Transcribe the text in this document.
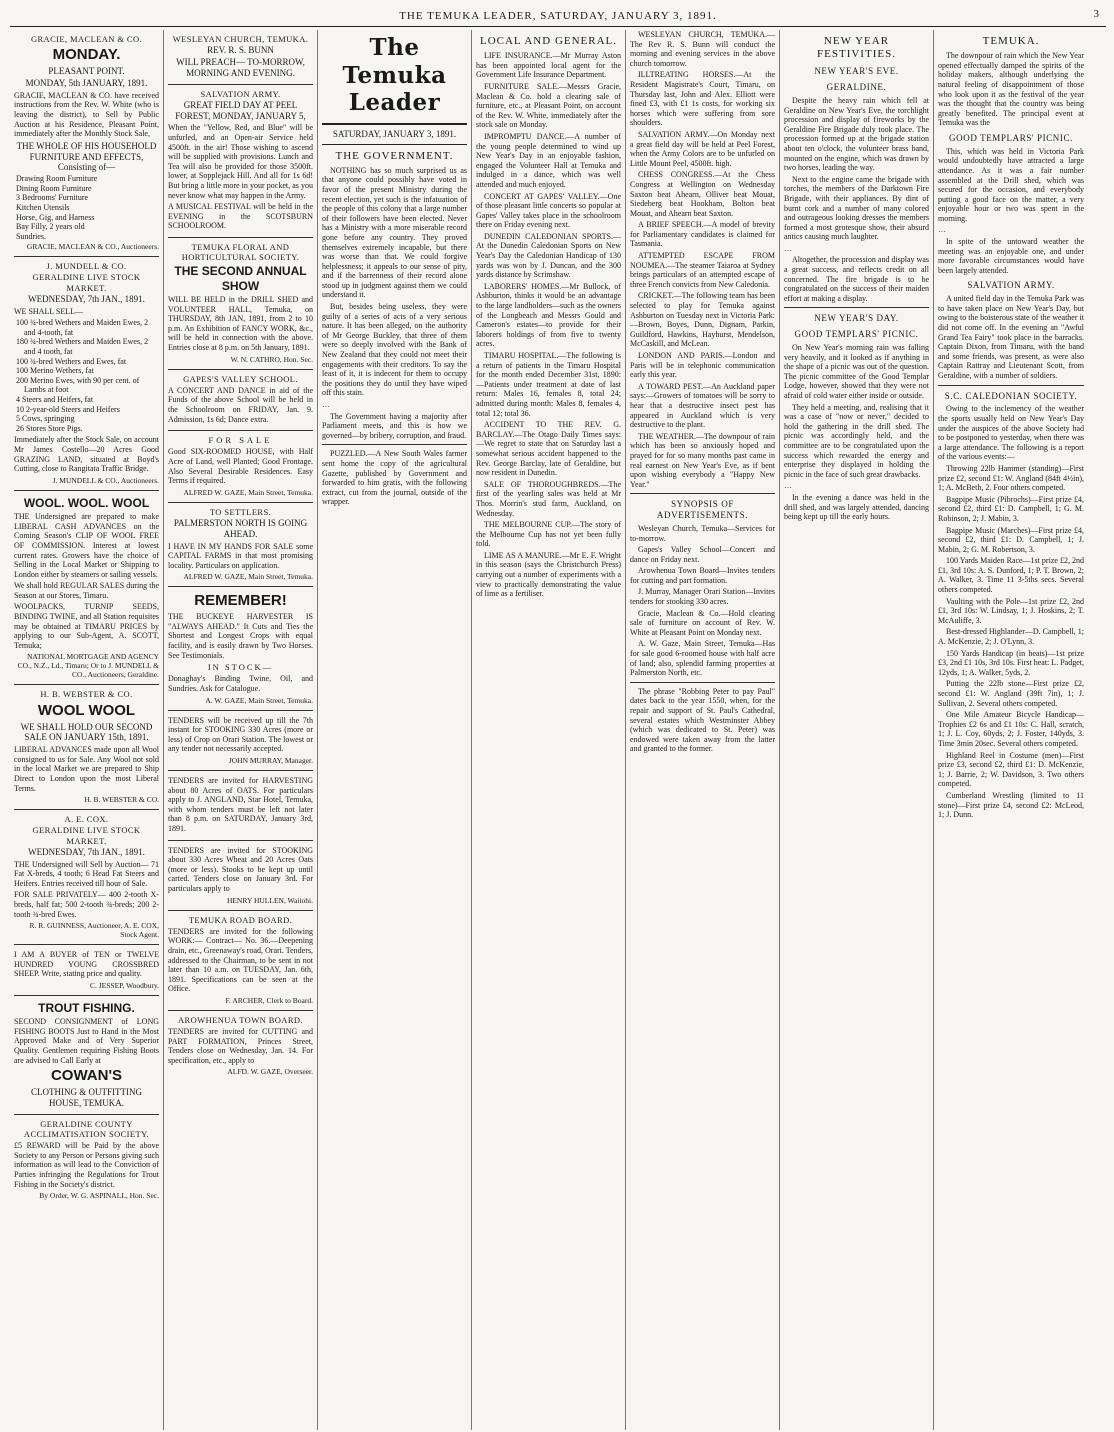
THE TEMUKA LEADER, SATURDAY, JANUARY 3, 1891.	3
GRACIE, MACLEAN & CO.
MONDAY.
PLEASANT POINT.
MONDAY, 5th JANUARY, 1891.
GRACIE, MACLEAN & CO. have received instructions from the Rev. W. White (who is leaving the district), to Sell by Public Auction at his Residence, Pleasant Point, immediately after the Monthly Stock Sale,
THE WHOLE OF HIS HOUSEHOLD FURNITURE AND EFFECTS, Consisting of—

Drawing Room Furniture

Dining Room Furniture

3 Bedrooms' Furniture

Kitchen Utensils

Horse, Gig, and Harness

Bay Filly, 2 years old

Sundries.

GRACIE, MACLEAN & CO., Auctioneers.
J. MUNDELL & CO.
GERALDINE LIVE STOCK MARKET.
WEDNESDAY, 7th JAN., 1891.
WE SHALL SELL—

100 ¾-bred Wethers and Maiden Ewes, 2 and 4-tooth, fat

180 ¾-bred Wethers and Maiden Ewes, 2 and 4 tooth, fat

100 ¾-bred Wethers and Ewes, fat

100 Merino Wethers, fat

200 Merino Ewes, with 90 per cent. of Lambs at foot

4 Steers and Heifers, fat

10 2-year-old Steers and Heifers

5 Cows, springing

26 Stores Store Pigs.

Immediately after the Stock Sale, on account Mr James Costello—20 Acres Good GRAZING LAND, situated at Boyd's Cutting, close to Rangitata Traffic Bridge.
J. MUNDELL & CO., Auctioneers.
WOOL. WOOL. WOOL
THE Undersigned are prepared to make LIBERAL CASH ADVANCES on the Coming Season's CLIP OF WOOL FREE OF COMMISSION. Interest at lowest current rates. Growers have the choice of Selling in the Local Market or Shipping to London either by steamers or sailing vessels.
We shall hold REGULAR SALES during the Season at our Stores, Timaru.
WOOLPACKS, TURNIP SEEDS, BINDING TWINE, and all Station requisites may be obtained at TIMARU PRICES by applying to our Sub-Agent, A. SCOTT, Temuka;
NATIONAL MORTGAGE AND AGENCY CO., N.Z., Ld., Timaru; Or to J. MUNDELL & CO., Auctioneers, Geraldine.
H. B. WEBSTER & CO.
WOOL WOOL
WE SHALL HOLD OUR SECOND SALE ON JANUARY 15th, 1891.
LIBERAL ADVANCES made upon all Wool consigned to us for Sale. Any Wool not sold in the local Market we are prepared to Ship Direct to London upon the most Liberal Terms.
H. B. WEBSTER & CO.
A. E. COX.
GERALDINE LIVE STOCK MARKET.
WEDNESDAY, 7th JAN., 1891.
THE Undersigned will Sell by Auction— 71 Fat X-breds, 4 tooth; 6 Head Fat Steers and Heifers. Entries received till hour of Sale.
FOR SALE PRIVATELY— 400 2-tooth X-breds, half fat; 500 2-tooth ¾-breds; 200 2-tooth ¾-bred Ewes.
R. R. GUINNESS, Auctioneer, A. E. COX, Stock Agent.
I AM A BUYER of TEN or TWELVE HUNDRED YOUNG CROSSBRED SHEEP. Write, stating price and quality.
C. JESSEP, Woodbury.
TROUT FISHING.
SECOND CONSIGNMENT of LONG FISHING BOOTS Just to Hand in the Most Approved Make and of Very Superior Quality. Gentlemen requiring Fishing Boots are advised to Call Early at
COWAN'S
CLOTHING & OUTFITTING HOUSE, TEMUKA.
GERALDINE COUNTY ACCLIMATISATION SOCIETY.
£5 REWARD will be Paid by the above Society to any Person or Persons giving such information as will lead to the Conviction of Parties infringing the Regulations for Trout Fishing in the Society's district.
By Order, W. G. ASPINALL, Hon. Sec.
WESLEYAN CHURCH, TEMUKA.
REV. R. S. BUNN
WILL PREACH— TO-MORROW, MORNING AND EVENING.
SALVATION ARMY.
GREAT FIELD DAY AT PEEL FOREST, MONDAY, JANUARY 5,
When the "Yellow, Red, and Blue" will be unfurled, and an Open-air Service held 4500ft. in the air! Those wishing to ascend will be supplied with provisions. Lunch and Tea will also be provided for those 3500ft. lower, at Sopplejack Hill. And all for 1s 6d! But bring a little more in your pocket, as you never know what may happen in the Army.
A MUSICAL FESTIVAL will be held in the EVENING in the SCOTSBURN SCHOOLROOM.
TEMUKA FLORAL AND HORTICULTURAL SOCIETY.
THE SECOND ANNUAL SHOW
WILL BE HELD in the DRILL SHED and VOLUNTEER HALL, Temuka, on THURSDAY, 8th JAN, 1891, from 2 to 10 p.m. An Exhibition of FANCY WORK, &c., will be held in connection with the above. Entries close at 8 p.m. on 5th January, 1891.
W. N. CATHRO, Hon. Sec.
GAPES'S VALLEY SCHOOL.
A CONCERT AND DANCE in aid of the Funds of the above School will be held in the Schoolroom on FRIDAY, Jan. 9. Admission, 1s 6d; Dance extra.
FOR SALE
Good SIX-ROOMED HOUSE, with Half Acre of Land, well Planted; Good Frontage. Also Several Desirable Residences. Easy Terms if required.
ALFRED W. GAZE, Main Street, Temuka.
TO SETTLERS.
PALMERSTON NORTH IS GOING AHEAD.
I HAVE IN MY HANDS FOR SALE some CAPITAL FARMS in that most promising locality. Particulars on application.
ALFRED W. GAZE, Main Street, Temuka.
REMEMBER!
THE BUCKEYE HARVESTER IS "ALWAYS AHEAD." It Cuts and Ties the Shortest and Longest Crops with equal facility, and is easily drawn by Two Horses. See Testimonials.
IN STOCK—
Donaghay's Binding Twine, Oil, and Sundries. Ask for Catalogue.
A. W. GAZE, Main Street, Temuka.
TENDERS will be received up till the 7th instant for STOOKING 330 Acres (more or less) of Crop on Orari Station. The lowest or any tender not necessarily accepted.
JOHN MURRAY, Manager.
TENDERS are invited for HARVESTING about 80 Acres of OATS. For particulars apply to J. ANGLAND, Star Hotel, Temuka, with whom tenders must be left not later than 8 p.m. on SATURDAY, January 3rd, 1891.
TENDERS are invited for STOOKING about 330 Acres Wheat and 20 Acres Oats (more or less). Stooks to be kept up until carted. Tenders close on January 3rd. For particulars apply to
HENRY HULLEN, Waitohi.
TEMUKA ROAD BOARD.
TENDERS are invited for the following WORK:— Contract— No. 36.—Deepening drain, etc., Greenaway's road, Orari. Tenders, addressed to the Chairman, to be sent in not later than 10 a.m. on TUESDAY, Jan. 6th, 1891. Specifications can be seen at the Office.
F. ARCHER, Clerk to Board.
AROWHENUA TOWN BOARD.
TENDERS are invited for CUTTING and PART FORMATION, Princes Street, Tenders close on Wednesday, Jan. 14. For specification, etc., apply to
ALFD. W. GAZE, Overseer.
The Temuka Leader
SATURDAY, JANUARY 3, 1891.
THE GOVERNMENT.

NOTHING has so much surprised us as that anyone could possibly have voted in favor of the present Ministry during the recent election, yet such is the infatuation of the people of this colony that a large number of their followers have been elected. Never has a Ministry with a more miserable record gone before any country. They proved themselves extremely incapable, but there was worse than that. We could forgive helplessness; it appeals to our sense of pity, and if the barrenness of their record alone stood up in judgment against them we could understand it.

But, besides being useless, they were guilty of a series of acts of a very serious nature. It has been alleged, on the authority of Mr George Buckley, that three of them were so deeply involved with the Bank of New Zealand that they could not meet their engagements with their creditors. To say the least of it, it is indecent for them to occupy the positions they do until they have wiped off this stain.

…

The Government having a majority after Parliament meets, and this is how we governed—by bribery, corruption, and fraud.

PUZZLED.—A New South Wales farmer sent home the copy of the agricultural Gazette, published by Government and forwarded to him gratis, with the following extract, cut from the journal, outside of the wrapper.

LOCAL AND GENERAL.

LIFE INSURANCE.—Mr Murray Aston has been appointed local agent for the Government Life Insurance Department.

FURNITURE SALE.—Messrs Gracie, Maclean & Co. hold a clearing sale of furniture, etc., at Pleasant Point, on account of the Rev. W. White, immediately after the stock sale on Monday.

IMPROMPTU DANCE.—A number of the young people determined to wind up New Year's Day in an enjoyable fashion, engaged the Volunteer Hall at Temuka and indulged in a dance, which was well attended and much enjoyed.

CONCERT AT GAPES' VALLEY.—One of those pleasant little concerts so popular at Gapes' Valley takes place in the schoolroom there on Friday evening next.

DUNEDIN CALEDONIAN SPORTS.—At the Dunedin Caledonian Sports on New Year's Day the Caledonian Handicap of 130 yards was won by J. Duncan, and the 300 yards distance by Scrimshaw.

LABORERS' HOMES.—Mr Bullock, of Ashburton, thinks it would be an advantage to the large landholders—such as the owners of the Longbeach and Messrs Gould and Cameron's estates—to provide for their laborers holdings of from five to twenty acres.

TIMARU HOSPITAL.—The following is a return of patients in the Timaru Hospital for the month ended December 31st, 1890:—Patients under treatment at date of last return: Males 16, females 8, total 24; admitted during month: Males 8, females 4, total 12; total 36.

ACCIDENT TO THE REV. G. BARCLAY.—The Otago Daily Times says:—We regret to state that on Saturday last a somewhat serious accident happened to the Rev. George Barclay, late of Geraldine, but now resident in Dunedin.

SALE OF THOROUGHBREDS.—The first of the yearling sales was held at Mr Thos. Morrin's stud farm, Auckland, on Wednesday.

THE MELBOURNE CUP.—The story of the Melbourne Cup has not yet been fully told.

LIME AS A MANURE.—Mr E. F. Wright in this season (says the Christchurch Press) carrying out a number of experiments with a view to practically demonstrating the value of lime as a fertiliser.

WESLEYAN CHURCH, TEMUKA.—The Rev R. S. Bunn will conduct the morning and evening services in the above church tomorrow.

ILLTREATING HORSES.—At the Resident Magistrate's Court, Timaru, on Thursday last, John and Alex. Elliott were fined £3, with £1 1s costs, for working six horses which were suffering from sore shoulders.

SALVATION ARMY.—On Monday next a great field day will be held at Peel Forest, when the Army Colors are to be unfurled on Little Mount Peel, 4500ft. high.

CHESS CONGRESS.—At the Chess Congress at Wellington on Wednesday Saxton beat Ahearn, Olliver beat Mouat, Siedeberg beat Hookham, Bolton beat Mouat, and Ahearn beat Saxton.

A BRIEF SPEECH.—A model of brevity for Parliamentary candidates is claimed for Tasmania.

ATTEMPTED ESCAPE FROM NOUMEA.—The steamer Taiaroa at Sydney brings particulars of an attempted escape of three French convicts from New Caledonia.

CRICKET.—The following team has been selected to play for Temuka against Ashburton on Tuesday next in Victoria Park:—Brown, Boyes, Dunn, Dignam, Parkin, Guildford, Hawkins, Hayhurst, Mendelson, McCaskill, and McLean.

LONDON AND PARIS.—London and Paris will be in telephonic communication early this year.

A TOWARD PEST.—An Auckland paper says:—Growers of tomatoes will be sorry to hear that a destructive insect pest has appeared in Auckland which is very destructive to the plant.

THE WEATHER.—The downpour of rain which has been so anxiously hoped and prayed for for so many months past came in real earnest on New Year's Eve, as if bent upon wishing everybody a "Happy New Year."

SYNOPSIS OF ADVERTISEMENTS.

Wesleyan Church, Temuka—Services for to-morrow.

Gapes's Valley School—Concert and dance on Friday next.

Arowhenua Town Board—Invites tenders for cutting and part formation.

J. Murray, Manager Orari Station—Invites tenders for stooking 330 acres.

Gracie, Maclean & Co.—Hold clearing sale of furniture on account of Rev. W. White at Pleasant Point on Monday next.

A. W. Gaze, Main Street, Temuka—Has for sale good 6-roomed house with half acre of land; also, splendid farming properties at Palmerston North, etc.

The phrase "Robbing Peter to pay Paul" dates back to the year 1550, when, for the repair and support of St. Paul's Cathedral, several estates which Westminster Abbey (which was dedicated to St. Peter) was endowed were taken away from the latter and granted to the former.

NEW YEAR FESTIVITIES.
NEW YEAR'S EVE.
GERALDINE.

Despite the heavy rain which fell at Geraldine on New Year's Eve, the torchlight procession and display of fireworks by the Geraldine Fire Brigade duly took place. The procession formed up at the brigade station about ten o'clock, the volunteer brass band, mounted on the engine, which was drawn by two horses, leading the way.

Next to the engine came the brigade with torches, the members of the Darktown Fire Brigade, with their appliances. By dint of burnt cork and a number of many colored and outrageous looking dresses the members formed a most grotesque show, their absurd antics causing much laughter.

…

Altogether, the procession and display was a great success, and reflects credit on all concerned. The fire brigade is to be congratulated on the success of their maiden effort at making a display.

NEW YEAR'S DAY.
GOOD TEMPLARS' PICNIC.

On New Year's morning rain was falling very heavily, and it looked as if anything in the shape of a picnic was out of the question. The picnic committee of the Good Templar Lodge, however, showed that they were not afraid of cold water either inside or outside.

They held a meeting, and, realising that it was a case of "now or never," decided to hold the gathering in the drill shed. The picnic was accordingly held, and the committee are to be congratulated upon the success which rewarded the energy and enterprise they displayed in holding the picnic in the face of such great drawbacks.

…

In the evening a dance was held in the drill shed, and was largely attended, dancing being kept up till the early hours.

TEMUKA.

The downpour of rain which the New Year opened effectually damped the spirits of the holiday makers, although underlying the natural feeling of disappointment of those who look upon it as the festival of the year was the thought that the country was being greatly benefited. The principal event at Temuka was the

GOOD TEMPLARS' PICNIC.

This, which was held in Victoria Park would undoubtedly have attracted a large attendance. As it was a fair number assembled at the Drill shed, which was secured for the occasion, and everybody putting a good face on the matter, a very enjoyable hour or two was spent in the morning.

…

In spite of the untoward weather the meeting was an enjoyable one, and under more favorable circumstances would have been largely attended.

SALVATION ARMY.

A united field day in the Temuka Park was to have taken place on New Year's Day, but owing to the boisterous state of the weather it did not come off. In the evening an "Awful Grand Tea Fairy" took place in the barracks. Captain Dixon, from Timaru, with the band and some friends, was present, as were also Captain Rattray and Lieutenant Scott, from Geraldine, with a number of soldiers.

S.C. CALEDONIAN SOCIETY.

Owing to the inclemency of the weather the sports usually held on New Year's Day under the auspices of the above Society had to be postponed to yesterday, when there was a large attendance. The following is a report of the various events:—

Throwing 22lb Hammer (standing)—First prize £2, second £1: W. Angland (84ft 4½in), 1; A. McBeth, 2. Four others competed.

Bagpipe Music (Pibrochs)—First prize £4, second £2, third £1: D. Campbell, 1; G. M. Robinson, 2; J. Mabin, 3.

Bagpipe Music (Marches)—First prize £4, second £2, third £1: D. Campbell, 1; J. Mabin, 2; G. M. Robertson, 3.

100 Yards Maiden Race—1st prize £2, 2nd £1, 3rd 10s: A. S. Dunford, 1; P. T. Brown, 2; A. Walker, 3. Time 11 3-5ths secs. Several others competed.

Vaulting with the Pole—1st prize £2, 2nd £1, 3rd 10s: W. Lindsay, 1; J. Hoskins, 2; T. McAuliffe, 3.

Best-dressed Highlander—D. Campbell, 1; A. McKenzie, 2; J. O'Lynn, 3.

150 Yards Handicap (in heats)—1st prize £3, 2nd £1 10s, 3rd 10s. First heat: L. Padget, 12yds, 1; A. Walker, 5yds, 2.

Putting the 22lb stone—First prize £2, second £1: W. Angland (39ft 7in), 1; J. Sullivan, 2. Several others competed.

One Mile Amateur Bicycle Handicap—Trophies £2 6s and £1 10s: C. Hall, scratch, 1; J. L. Coy, 60yds, 2; J. Foster, 140yds, 3. Time 3min 20sec. Several others competed.

Highland Reel in Costume (men)—First prize £3, second £2, third £1: D. McKenzie, 1; J. Barrie, 2; W. Davidson, 3. Two others competed.

Cumberland Wrestling (limited to 11 stone)—First prize £4, second £2: McLeod, 1; J. Dunn.
